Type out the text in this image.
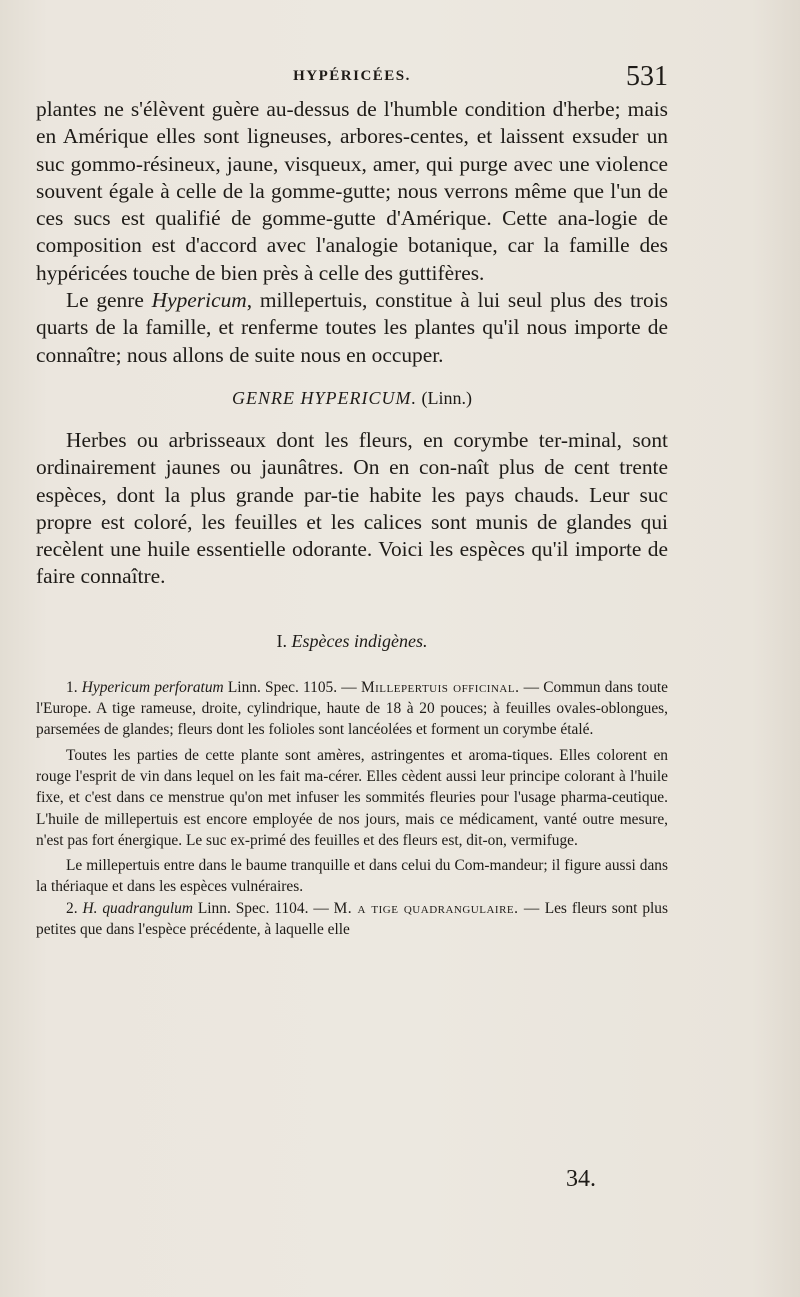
HYPÉRICÉES.	531

plantes ne s'élèvent guère au-dessus de l'humble condition d'herbe; mais en Amérique elles sont ligneuses, arbores-centes, et laissent exsuder un suc gommo-résineux, jaune, visqueux, amer, qui purge avec une violence souvent égale à celle de la gomme-gutte; nous verrons même que l'un de ces sucs est qualifié de gomme-gutte d'Amérique. Cette ana-logie de composition est d'accord avec l'analogie botanique, car la famille des hypéricées touche de bien près à celle des guttifères.

Le genre Hypericum, millepertuis, constitue à lui seul plus des trois quarts de la famille, et renferme toutes les plantes qu'il nous importe de connaître; nous allons de suite nous en occuper.

GENRE HYPERICUM. (Linn.)

Herbes ou arbrisseaux dont les fleurs, en corymbe ter-minal, sont ordinairement jaunes ou jaunâtres. On en con-naît plus de cent trente espèces, dont la plus grande par-tie habite les pays chauds. Leur suc propre est coloré, les feuilles et les calices sont munis de glandes qui recèlent une huile essentielle odorante. Voici les espèces qu'il importe de faire connaître.

I. Espèces indigènes.

1. Hypericum perforatum Linn. Spec. 1105. — Millepertuis officinal. — Commun dans toute l'Europe. A tige rameuse, droite, cylindrique, haute de 18 à 20 pouces; à feuilles ovales-oblongues, parsemées de glandes; fleurs dont les folioles sont lancéolées et forment un corymbe étalé.

Toutes les parties de cette plante sont amères, astringentes et aroma-tiques. Elles colorent en rouge l'esprit de vin dans lequel on les fait ma-cérer. Elles cèdent aussi leur principe colorant à l'huile fixe, et c'est dans ce menstrue qu'on met infuser les sommités fleuries pour l'usage pharma-ceutique. L'huile de millepertuis est encore employée de nos jours, mais ce médicament, vanté outre mesure, n'est pas fort énergique. Le suc ex-primé des feuilles et des fleurs est, dit-on, vermifuge.

Le millepertuis entre dans le baume tranquille et dans celui du Com-mandeur; il figure aussi dans la thériaque et dans les espèces vulnéraires.

2. H. quadrangulum Linn. Spec. 1104. — M. a tige quadrangulaire. — Les fleurs sont plus petites que dans l'espèce précédente, à laquelle elle

34.
